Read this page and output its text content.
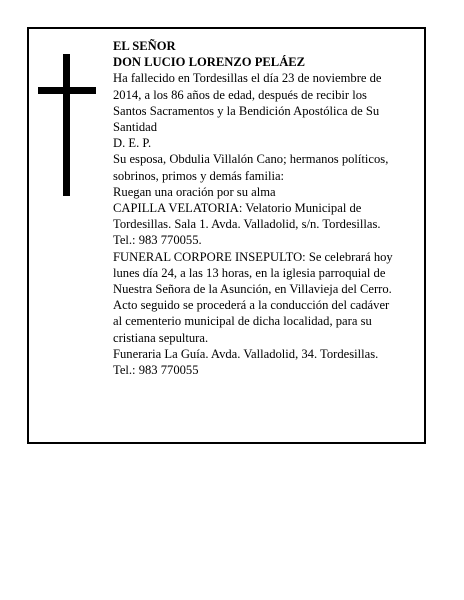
EL SEÑOR
DON LUCIO LORENZO PELÁEZ
Ha fallecido en Tordesillas el día 23 de noviembre de
2014, a los 86 años de edad, después de recibir los
Santos Sacramentos y la Bendición Apostólica de Su
Santidad
D. E. P.
Su esposa, Obdulia Villalón Cano; hermanos políticos,
sobrinos, primos y demás familia:
Ruegan una oración por su alma
CAPILLA VELATORIA: Velatorio Municipal de
Tordesillas. Sala 1. Avda. Valladolid, s/n. Tordesillas.
Tel.: 983 770055.
FUNERAL CORPORE INSEPULTO: Se celebrará hoy
lunes día 24, a las 13 horas, en la iglesia parroquial de
Nuestra Señora de la Asunción, en Villavieja del Cerro.
Acto seguido se procederá a la conducción del cadáver
al cementerio municipal de dicha localidad, para su
cristiana sepultura.
Funeraria La Guía. Avda. Valladolid, 34. Tordesillas.
Tel.: 983 770055
